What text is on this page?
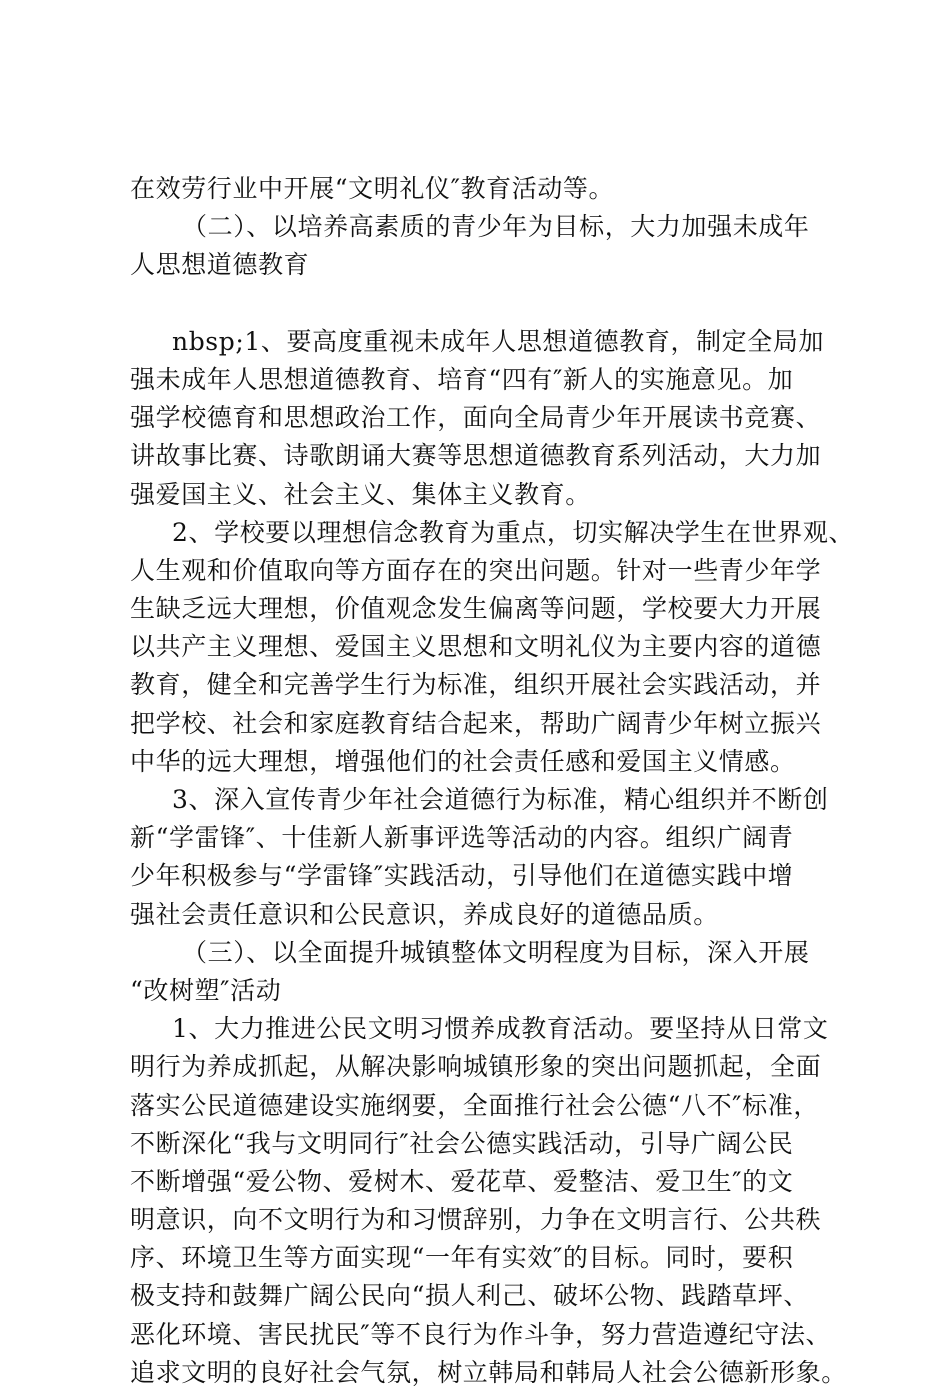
在效劳行业中开展“文明礼仪″教育活动等。
（二）、以培养高素质的青少年为目标，大力加强未成年
人思想道德教育
nbsp;1、要高度重视未成年人思想道德教育，制定全局加
强未成年人思想道德教育、培育“四有″新人的实施意见。加
强学校德育和思想政治工作，面向全局青少年开展读书竞赛、
讲故事比赛、诗歌朗诵大赛等思想道德教育系列活动，大力加
强爱国主义、社会主义、集体主义教育。
2、学校要以理想信念教育为重点，切实解决学生在世界观、
人生观和价值取向等方面存在的突出问题。针对一些青少年学
生缺乏远大理想，价值观念发生偏离等问题，学校要大力开展
以共产主义理想、爱国主义思想和文明礼仪为主要内容的道德
教育，健全和完善学生行为标准，组织开展社会实践活动，并
把学校、社会和家庭教育结合起来，帮助广阔青少年树立振兴
中华的远大理想，增强他们的社会责任感和爱国主义情感。
3、深入宣传青少年社会道德行为标准，精心组织并不断创
新“学雷锋″、十佳新人新事评选等活动的内容。组织广阔青
少年积极参与“学雷锋″实践活动，引导他们在道德实践中增
强社会责任意识和公民意识，养成良好的道德品质。
（三）、以全面提升城镇整体文明程度为目标，深入开展
“改树塑″活动
1、大力推进公民文明习惯养成教育活动。要坚持从日常文
明行为养成抓起，从解决影响城镇形象的突出问题抓起，全面
落实公民道德建设实施纲要，全面推行社会公德“八不″标准，
不断深化“我与文明同行″社会公德实践活动，引导广阔公民
不断增强“爱公物、爱树木、爱花草、爱整洁、爱卫生″的文
明意识，向不文明行为和习惯辞别，力争在文明言行、公共秩
序、环境卫生等方面实现“一年有实效″的目标。同时，要积
极支持和鼓舞广阔公民向“损人利己、破坏公物、践踏草坪、
恶化环境、害民扰民″等不良行为作斗争，努力营造遵纪守法、
追求文明的良好社会气氛，树立韩局和韩局人社会公德新形象。
